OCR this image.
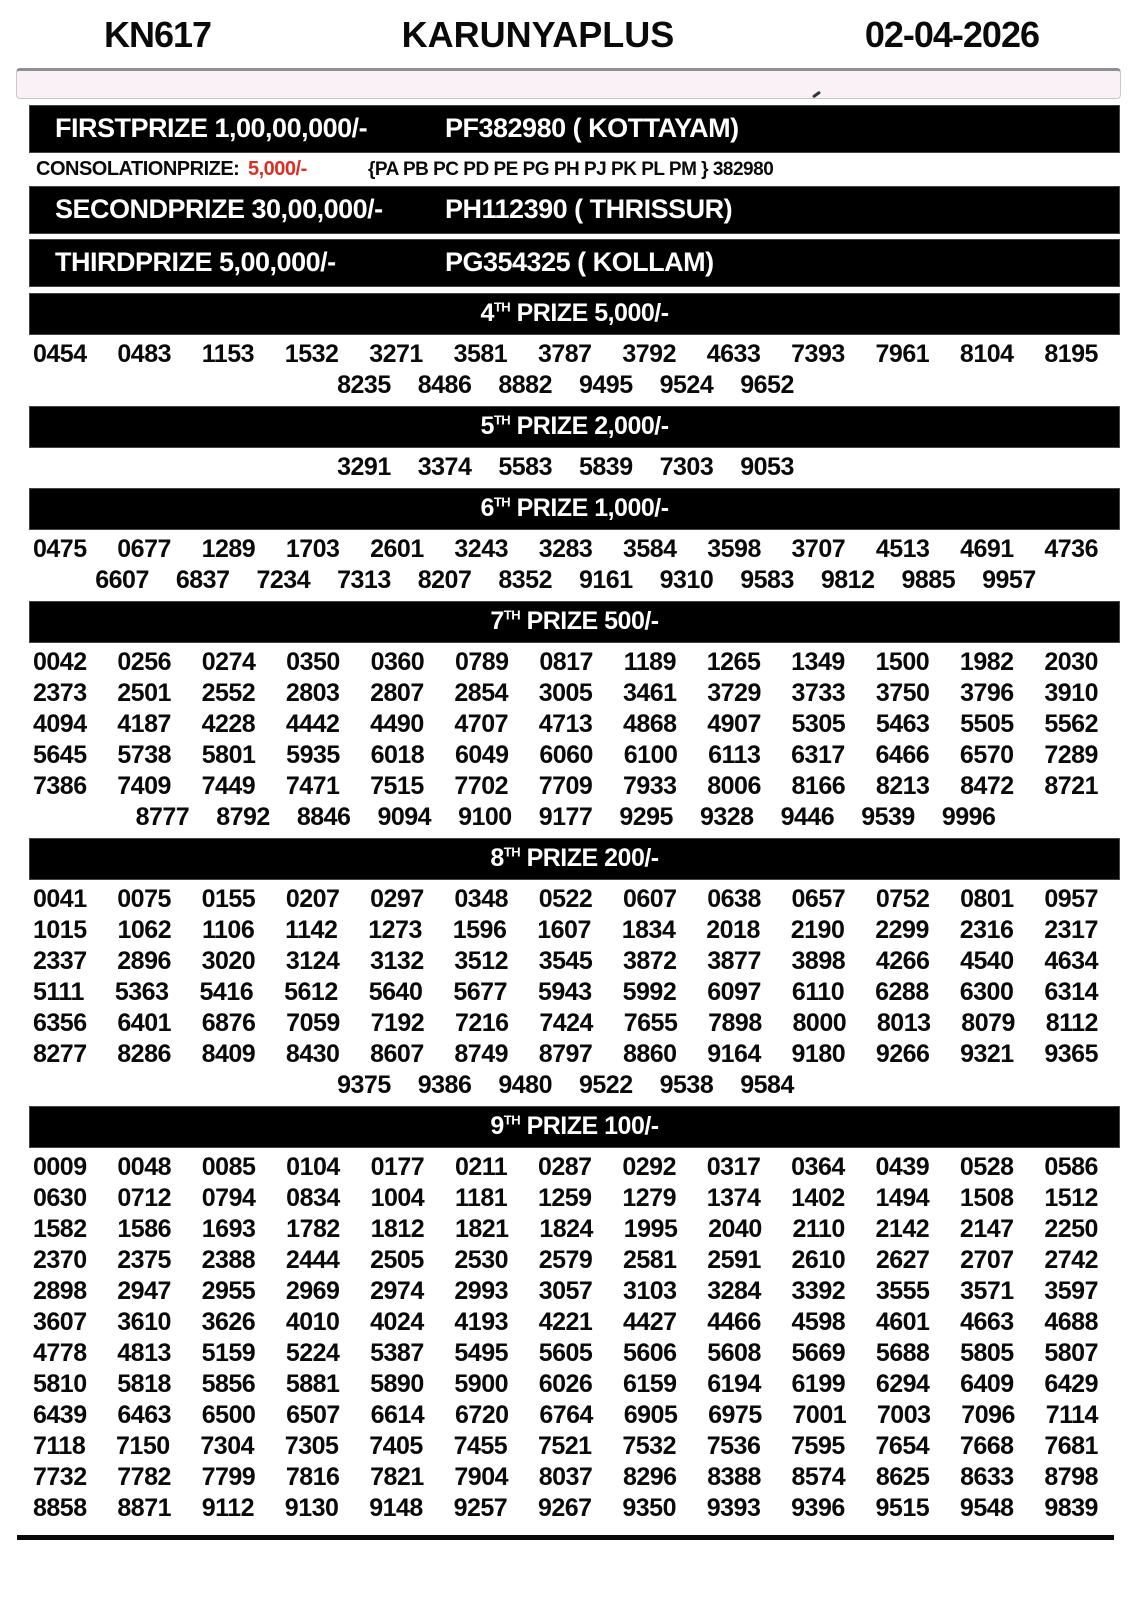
KN617	KARUNYAPLUS	02-04-2026
FIRSTPRIZE 1,00,00,000/-	PF382980 ( KOTTAYAM)
CONSOLATIONPRIZE: 5,000/-	{PA PB PC PD PE PG PH PJ PK PL PM } 382980
SECONDPRIZE 30,00,000/-	PH112390 ( THRISSUR)
THIRDPRIZE 5,00,000/-	PG354325 ( KOLLAM)
4TH PRIZE 5,000/-
0454 0483 1153 1532 3271 3581 3787 3792 4633 7393 7961 8104 8195
8235 8486 8882 9495 9524 9652
5TH PRIZE 2,000/-
3291 3374 5583 5839 7303 9053
6TH PRIZE 1,000/-
0475 0677 1289 1703 2601 3243 3283 3584 3598 3707 4513 4691 4736
6607 6837 7234 7313 8207 8352 9161 9310 9583 9812 9885 9957
7TH PRIZE 500/-
0042 0256 0274 0350 0360 0789 0817 1189 1265 1349 1500 1982 2030
2373 2501 2552 2803 2807 2854 3005 3461 3729 3733 3750 3796 3910
4094 4187 4228 4442 4490 4707 4713 4868 4907 5305 5463 5505 5562
5645 5738 5801 5935 6018 6049 6060 6100 6113 6317 6466 6570 7289
7386 7409 7449 7471 7515 7702 7709 7933 8006 8166 8213 8472 8721
8777 8792 8846 9094 9100 9177 9295 9328 9446 9539 9996
8TH PRIZE 200/-
0041 0075 0155 0207 0297 0348 0522 0607 0638 0657 0752 0801 0957
1015 1062 1106 1142 1273 1596 1607 1834 2018 2190 2299 2316 2317
2337 2896 3020 3124 3132 3512 3545 3872 3877 3898 4266 4540 4634
5111 5363 5416 5612 5640 5677 5943 5992 6097 6110 6288 6300 6314
6356 6401 6876 7059 7192 7216 7424 7655 7898 8000 8013 8079 8112
8277 8286 8409 8430 8607 8749 8797 8860 9164 9180 9266 9321 9365
9375 9386 9480 9522 9538 9584
9TH PRIZE 100/-
0009 0048 0085 0104 0177 0211 0287 0292 0317 0364 0439 0528 0586
0630 0712 0794 0834 1004 1181 1259 1279 1374 1402 1494 1508 1512
1582 1586 1693 1782 1812 1821 1824 1995 2040 2110 2142 2147 2250
2370 2375 2388 2444 2505 2530 2579 2581 2591 2610 2627 2707 2742
2898 2947 2955 2969 2974 2993 3057 3103 3284 3392 3555 3571 3597
3607 3610 3626 4010 4024 4193 4221 4427 4466 4598 4601 4663 4688
4778 4813 5159 5224 5387 5495 5605 5606 5608 5669 5688 5805 5807
5810 5818 5856 5881 5890 5900 6026 6159 6194 6199 6294 6409 6429
6439 6463 6500 6507 6614 6720 6764 6905 6975 7001 7003 7096 7114
7118 7150 7304 7305 7405 7455 7521 7532 7536 7595 7654 7668 7681
7732 7782 7799 7816 7821 7904 8037 8296 8388 8574 8625 8633 8798
8858 8871 9112 9130 9148 9257 9267 9350 9393 9396 9515 9548 9839
